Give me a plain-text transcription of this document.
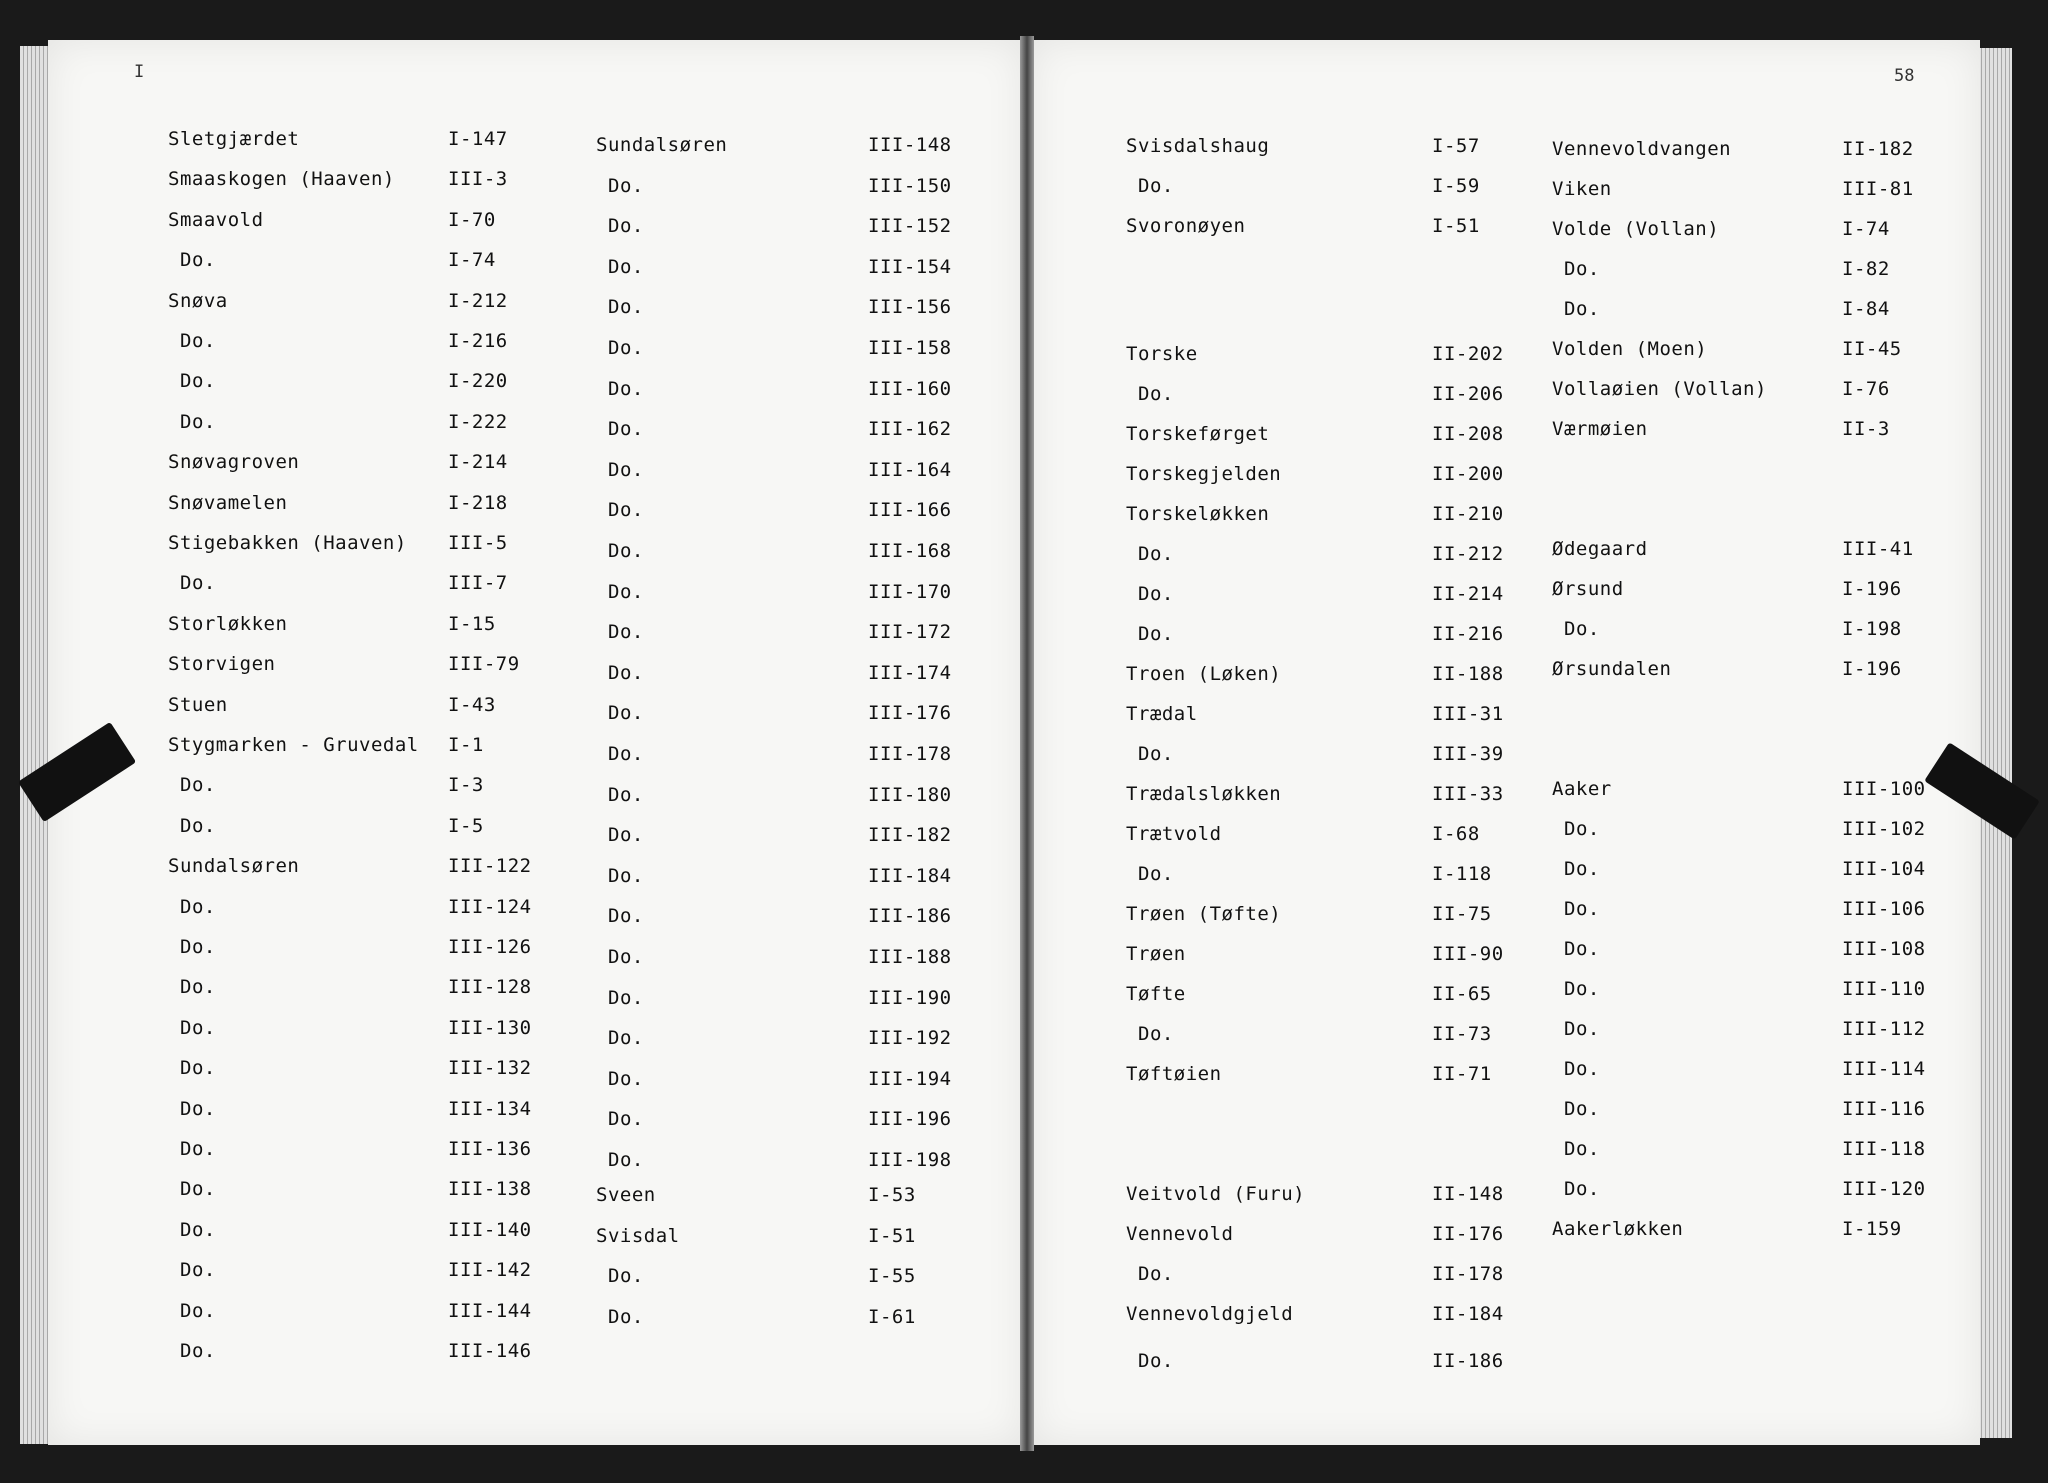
I
Sletgjærdet	I-147
Smaaskogen (Haaven)	III-3
Smaavold	I-70
Do.	I-74
Snøva	I-212
Do.	I-216
Do.	I-220
Do.	I-222
Snøvagroven	I-214
Snøvamelen	I-218
Stigebakken (Haaven) III-5
Do.	III-7
Storløkken	I-15
Storvigen	III-79
Stuen	I-43
Stygmarken - Gruvedal I-1
Do.	I-3
Do.	I-5
Sundalsøren	III-122
Do.	III-124
Do.	III-126
Do.	III-128
Do.	III-130
Do.	III-132
Do.	III-134
Do.	III-136
Do.	III-138
Do.	III-140
Do.	III-142
Do.	III-144
Do.	III-146
Sundalsøren	III-148
Do.	III-150
Do.	III-152
Do.	III-154
Do.	III-156
Do.	III-158
Do.	III-160
Do.	III-162
Do.	III-164
Do.	III-166
Do.	III-168
Do.	III-170
Do.	III-172
Do.	III-174
Do.	III-176
Do.	III-178
Do.	III-180
Do.	III-182
Do.	III-184
Do.	III-186
Do.	III-188
Do.	III-190
Do.	III-192
Do.	III-194
Do.	III-196
Do.	III-198
Sveen	I-53
Svisdal	I-51
Do.	I-55
Do.	I-61
58
Svisdalshaug	I-57
Do.	I-59
Svoronøyen	I-51
Torske	II-202
Do.	II-206
Torskeførget	II-208
Torskegjelden	II-200
Torskeløkken	II-210
Do.	II-212
Do.	II-214
Do.	II-216
Troen (Løken)	II-188
Trædal	III-31
Do.	III-39
Trædalsløkken	III-33
Trætvold	I-68
Do.	I-118
Trøen (Tøfte)	II-75
Trøen	III-90
Tøfte	II-65
Do.	II-73
Tøftøien	II-71
Veitvold (Furu)	II-148
Vennevold	II-176
Do.	II-178
Vennevoldgjeld	II-184
Do.	II-186
Vennevoldvangen	II-182
Viken	III-81
Volde (Vollan)	I-74
Do.	I-82
Do.	I-84
Volden (Moen)	II-45
Vollaøien (Vollan)	I-76
Værmøien	II-3
Ødegaard	III-41
Ørsund	I-196
Do.	I-198
Ørsundalen	I-196
Aaker	III-100
Do.	III-102
Do.	III-104
Do.	III-106
Do.	III-108
Do.	III-110
Do.	III-112
Do.	III-114
Do.	III-116
Do.	III-118
Do.	III-120
Aakerløkken	I-159
